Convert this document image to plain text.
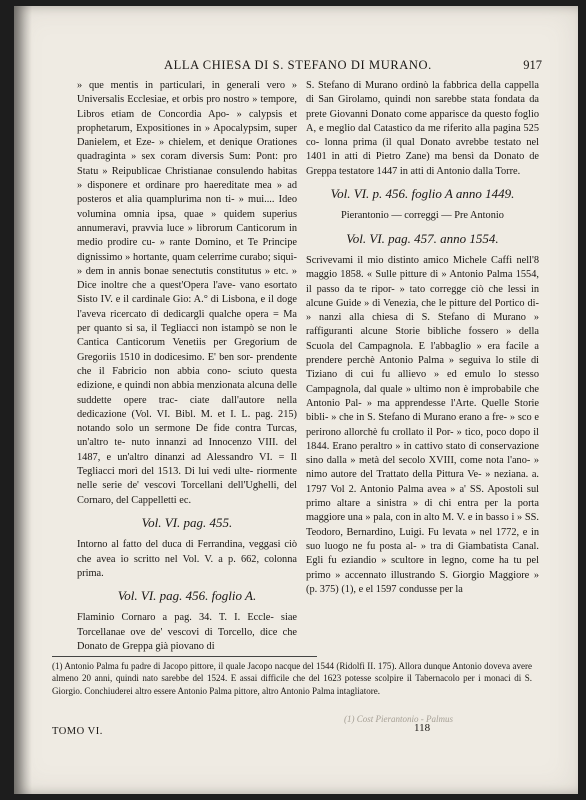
ALLA CHIESA DI S. STEFANO DI MURANO.	917

» que mentis in particulari, in generali vero » Universalis Ecclesiae, et orbis pro nostro » tempore, Libros etiam de Concordia Apo- » calypsis et prophetarum, Expositiones in » Apocalypsim, super Danielem, et Eze- » chielem, et denique Orationes quadraginta » sex coram diversis Sum: Pont: pro Statu » Reipublicae Christianae consulendo habitas » disponere et ordinare pro haereditate mea » ad posteros et alia quamplurima non ti- » mui.... Ideo volumina omnia ipsa, quae » quidem superius annumeravi, pravvia luce » librorum Canticorum in medio prodire cu- » rante Domino, et Te Principe dignissimo » hortante, quam celerrime curabo; siqui- » dem in annis bonae senectutis constitutus » etc. » Dice inoltre che a quest'Opera l'ave- vano esortato Sisto IV. e il cardinale Gio: A.° di Lisbona, e il doge l'aveva ricercato di dedicargli qualche opera = Ma per quanto si sa, il Tegliacci non istampò se non le Cantica Canticorum Venetiis per Gregorium de Gregoriis 1510 in dodicesimo. E' ben sor- prendente che il Fabricio non abbia cono- sciuto questa edizione, e quindi non abbia menzionata alcuna delle suddette opere trac- ciate dall'autore nella dedicazione (Vol. VI. Bibl. M. et I. L. pag. 215) notando solo un sermone De fide contra Turcas, un'altro te- nuto innanzi ad Innocenzo VIII. del 1487, e un'altro dinanzi ad Alessandro VI. = Il Tegliacci morì del 1513. Di lui vedi ulte- riormente nelle serie de' vescovi Torcellani dell'Ughelli, del Cornaro, del Cappelletti ec.

Vol. VI. pag. 455.

Intorno al fatto del duca di Ferrandina, veggasi ciò che avea io scritto nel Vol. V. a p. 662, colonna prima.

Vol. VI. pag. 456. foglio A.

Flaminio Cornaro a pag. 34. T. I. Eccle- siae Torcellanae ove de' vescovi di Torcello, dice che Donato de Greppa già piovano di

S. Stefano di Murano ordinò la fabbrica della cappella di San Girolamo, quindi non sarebbe stata fondata da prete Giovanni Donato come apparisce da questo foglio A, e meglio dal Catastico da me riferito alla pagina 525 co- lonna prima (il qual Donato avrebbe testato nel 1401 in atti di Pietro Zane) ma bensì da Donato de Greppa testatore 1447 in atti di Antonio dalla Torre.

Vol. VI. p. 456. foglio A anno 1449.
Pierantonio — correggi — Pre Antonio
Vol. VI. pag. 457. anno 1554.

Scrivevami il mio distinto amico Michele Caffi nell'8 maggio 1858. « Sulle pitture di » Antonio Palma 1554, il passo da te ripor- » tato corregge ciò che lessi in alcune Guide » di Venezia, che le pitture del Portico di- » nanzi alla chiesa di S. Stefano di Murano » raffiguranti alcune Storie bibliche fossero » della Scuola del Campagnola. E l'abbaglio » era facile a prendere perchè Antonio Palma » seguiva lo stile di Tiziano di cui fu allievo » ed emulo lo stesso Campagnola, dal quale » ultimo non è improbabile che Antonio Pal- » ma apprendesse l'Arte. Quelle Storie bibli- » che in S. Stefano di Murano erano a fre- » sco e perirono allorchè fu crollato il Por- » tico, poco dopo il 1844. Erano peraltro » in cattivo stato di conservazione sino dalla » metà del secolo XVIII, come nota l'ano- » nimo autore del Trattato della Pittura Ve- » neziana. a. 1797 Vol 2. Antonio Palma avea » a' SS. Apostoli sul primo altare a sinistra » di chi entra per la porta maggiore una » pala, con in alto M. V. e in basso i » SS. Teodoro, Bernardino, Luigi. Fu levata » nel 1772, e in suo luogo ne fu posta al- » tra di Giambatista Canal. Egli fu eziandio » scultore in legno, come ha tu pel primo » accennato illustrando S. Giorgio Maggiore » (p. 375) (1), e el 1597 condusse per la

(1) Antonio Palma fu padre di Jacopo pittore, il quale Jacopo nacque del 1544 (Ridolfi II. 175). Allora dunque Antonio doveva avere almeno 20 anni, quindi nato sarebbe del 1524. E assai difficile che del 1623 potesse scolpire il Tabernacolo per i monaci di S. Giorgio. Conchiuderei altro essere Antonio Palma pittore, altro Antonio Palma intagliatore.
(1) Cost Pierantonio - Palmus
TOMO VI.	118
